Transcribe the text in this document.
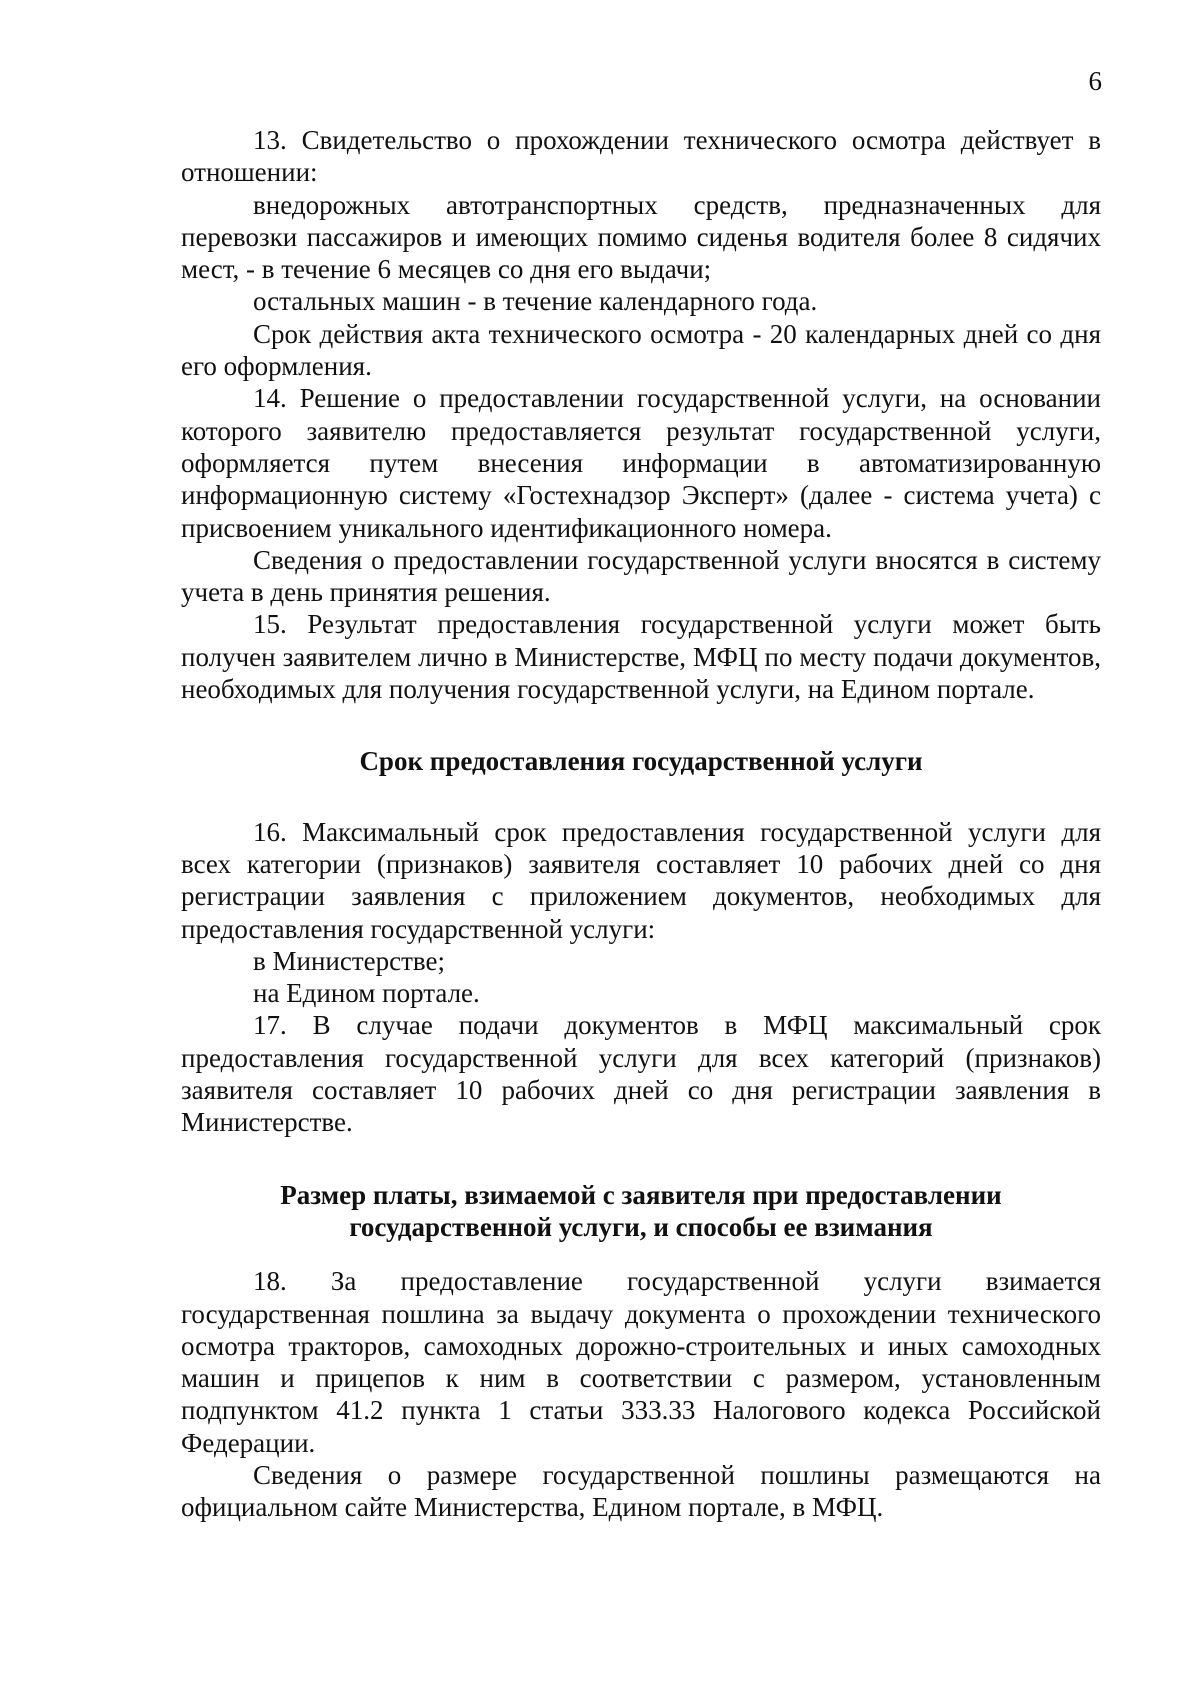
6

13. Свидетельство о прохождении технического осмотра действует в отношении:

внедорожных автотранспортных средств, предназначенных для перевозки пассажиров и имеющих помимо сиденья водителя более 8 сидячих мест, - в течение 6 месяцев со дня его выдачи;

остальных машин - в течение календарного года.

Срок действия акта технического осмотра - 20 календарных дней со дня его оформления.

14. Решение о предоставлении государственной услуги, на основании которого заявителю предоставляется результат государственной услуги, оформляется путем внесения информации в автоматизированную информационную систему «Гостехнадзор Эксперт» (далее - система учета) с присвоением уникального идентификационного номера.

Сведения о предоставлении государственной услуги вносятся в систему учета в день принятия решения.

15. Результат предоставления государственной услуги может быть получен заявителем лично в Министерстве, МФЦ по месту подачи документов, необходимых для получения государственной услуги, на Едином портале.

Срок предоставления государственной услуги

16. Максимальный срок предоставления государственной услуги для всех категории (признаков) заявителя составляет 10 рабочих дней со дня регистрации заявления с приложением документов, необходимых для предоставления государственной услуги:

в Министерстве;

на Едином портале.

17. В случае подачи документов в МФЦ максимальный срок предоставления государственной услуги для всех категорий (признаков) заявителя составляет 10 рабочих дней со дня регистрации заявления в Министерстве.

Размер платы, взимаемой с заявителя при предоставлении
государственной услуги, и способы ее взимания

18. За предоставление государственной услуги взимается государственная пошлина за выдачу документа о прохождении технического осмотра тракторов, самоходных дорожно-строительных и иных самоходных машин и прицепов к ним в соответствии с размером, установленным подпунктом 41.2 пункта 1 статьи 333.33 Налогового кодекса Российской Федерации.

Сведения о размере государственной пошлины размещаются на официальном сайте Министерства, Едином портале, в МФЦ.
